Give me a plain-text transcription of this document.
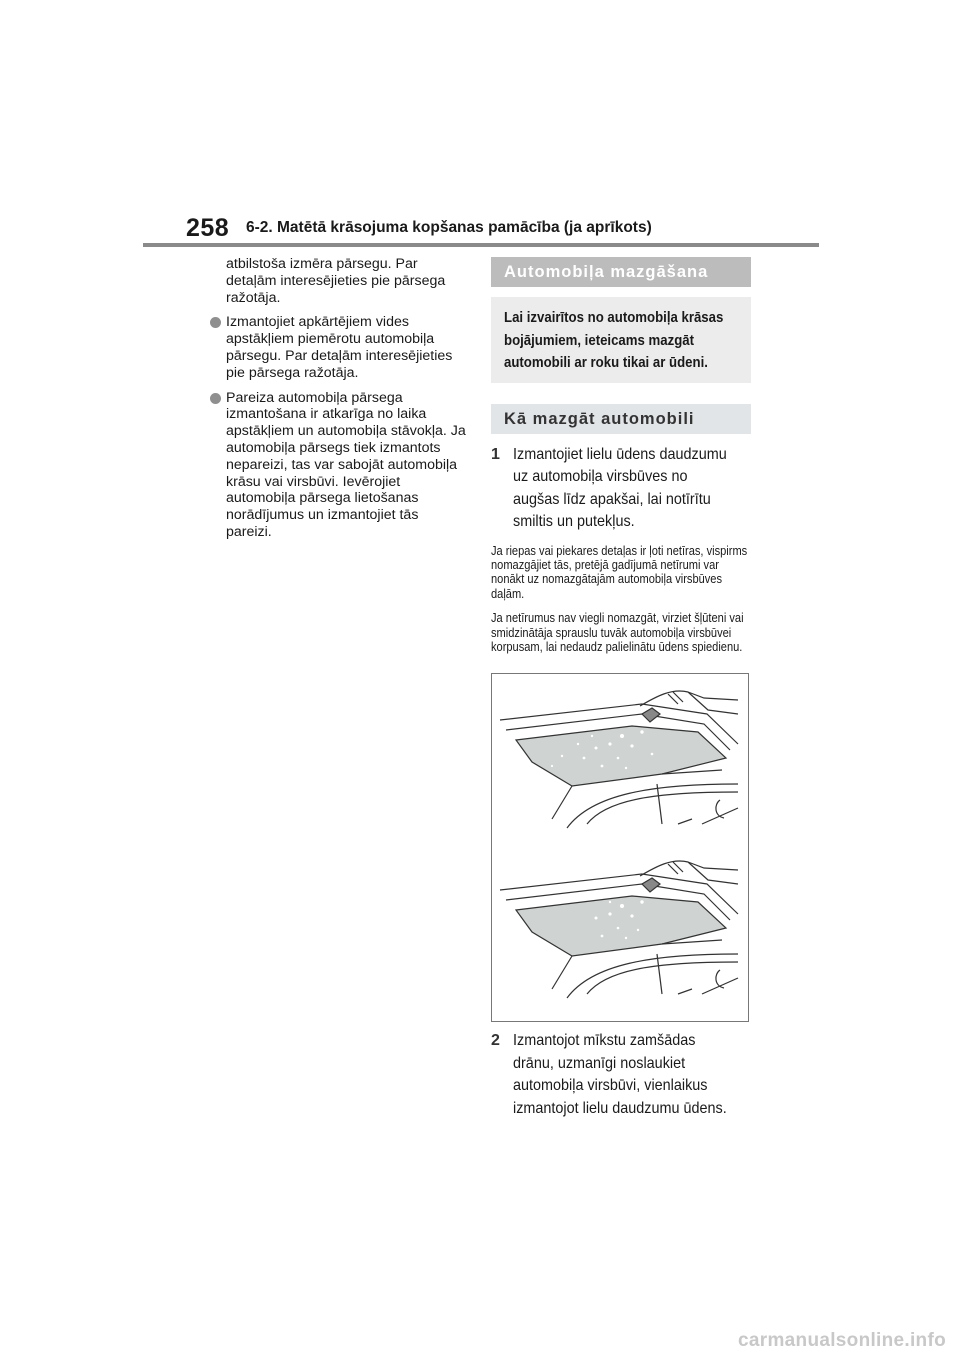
258 6-2. Matētā krāsojuma kopšanas pamācība (ja aprīkots)

atbilstoša izmēra pārsegu. Par detaļām interesējieties pie pārsega ražotāja.

Izmantojiet apkārtējiem vides apstākļiem piemērotu automobiļa pārsegu. Par detaļām interesējieties pie pārsega ražotāja.
Pareiza automobiļa pārsega izmantošana ir atkarīga no laika apstākļiem un automobiļa stāvokļa. Ja automobiļa pārsegs tiek izmantots nepareizi, tas var sabojāt automobiļa krāsu vai virsbūvi. Ievērojiet automobiļa pārsega lietošanas norādījumus un izmantojiet tās pareizi.
Automobiļa mazgāšana
Lai izvairītos no automobiļa krāsas bojājumiem, ieteicams mazgāt automobili ar roku tikai ar ūdeni.
Kā mazgāt automobili
1 Izmantojiet lielu ūdens daudzumu uz automobiļa virsbūves no augšas līdz apakšai, lai notīrītu smiltis un putekļus.
Ja riepas vai piekares detaļas ir ļoti netīras, vispirms nomazgājiet tās, pretējā gadījumā netīrumi var nonākt uz nomazgātajām automobiļa virsbūves daļām.
Ja netīrumus nav viegli nomazgāt, virziet šļūteni vai smidzinātāja sprauslu tuvāk automobiļa virsbūvei korpusam, lai nedaudz palielinātu ūdens spiedienu.
2 Izmantojot mīkstu zamšādas drānu, uzmanīgi noslaukiet automobiļa virsbūvi, vienlaikus izmantojot lielu daudzumu ūdens.
carmanualsonline.info
